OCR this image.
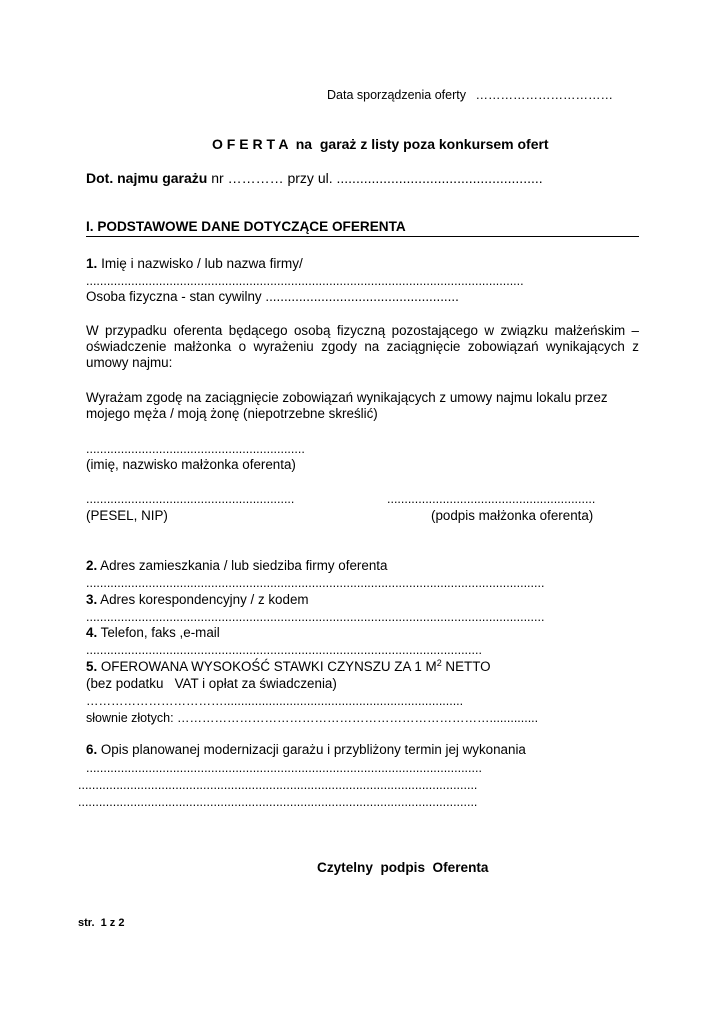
Data sporządzenia oferty ……………………………
O F E R T A  na  garaż z listy poza konkursem ofert
Dot. najmu garażu nr ………… przy ul. .....................................................
I. PODSTAWOWE DANE DOTYCZĄCE OFERENTA
1. Imię i nazwisko / lub nazwa firmy/
..............................................................................................................................
Osoba fizyczna - stan cywilny ....................................................
W przypadku oferenta będącego osobą fizyczną pozostającego w związku małżeńskim – oświadczenie małżonka o wyrażeniu zgody na zaciągnięcie zobowiązań wynikających z umowy najmu:
Wyrażam zgodę na zaciągnięcie zobowiązań wynikających z umowy najmu lokalu przez mojego męża / moją żonę (niepotrzebne skreślić)
...............................................................
(imię, nazwisko małżonka oferenta)
............................................................	............................................................
(PESEL, NIP)	(podpis małżonka oferenta)
2. Adres zamieszkania / lub siedziba firmy oferenta
....................................................................................................................................
3. Adres korespondencyjny / z kodem
....................................................................................................................................
4. Telefon, faks ,e-mail
..................................................................................................................
5. OFEROWANA WYSOKOŚĆ STAWKI CZYNSZU ZA 1 $M^2$ NETTO
(bez podatku   VAT i opłat za świadczenia)
…………………………….....................................................................
słownie złotych: …………………………………………………………………..............
6. Opis planowanej modernizacji garażu i przybliżony termin jej wykonania
..................................................................................................................
...................................................................................................................
...................................................................................................................
Czytelny  podpis  Oferenta
str.  1 z 2
